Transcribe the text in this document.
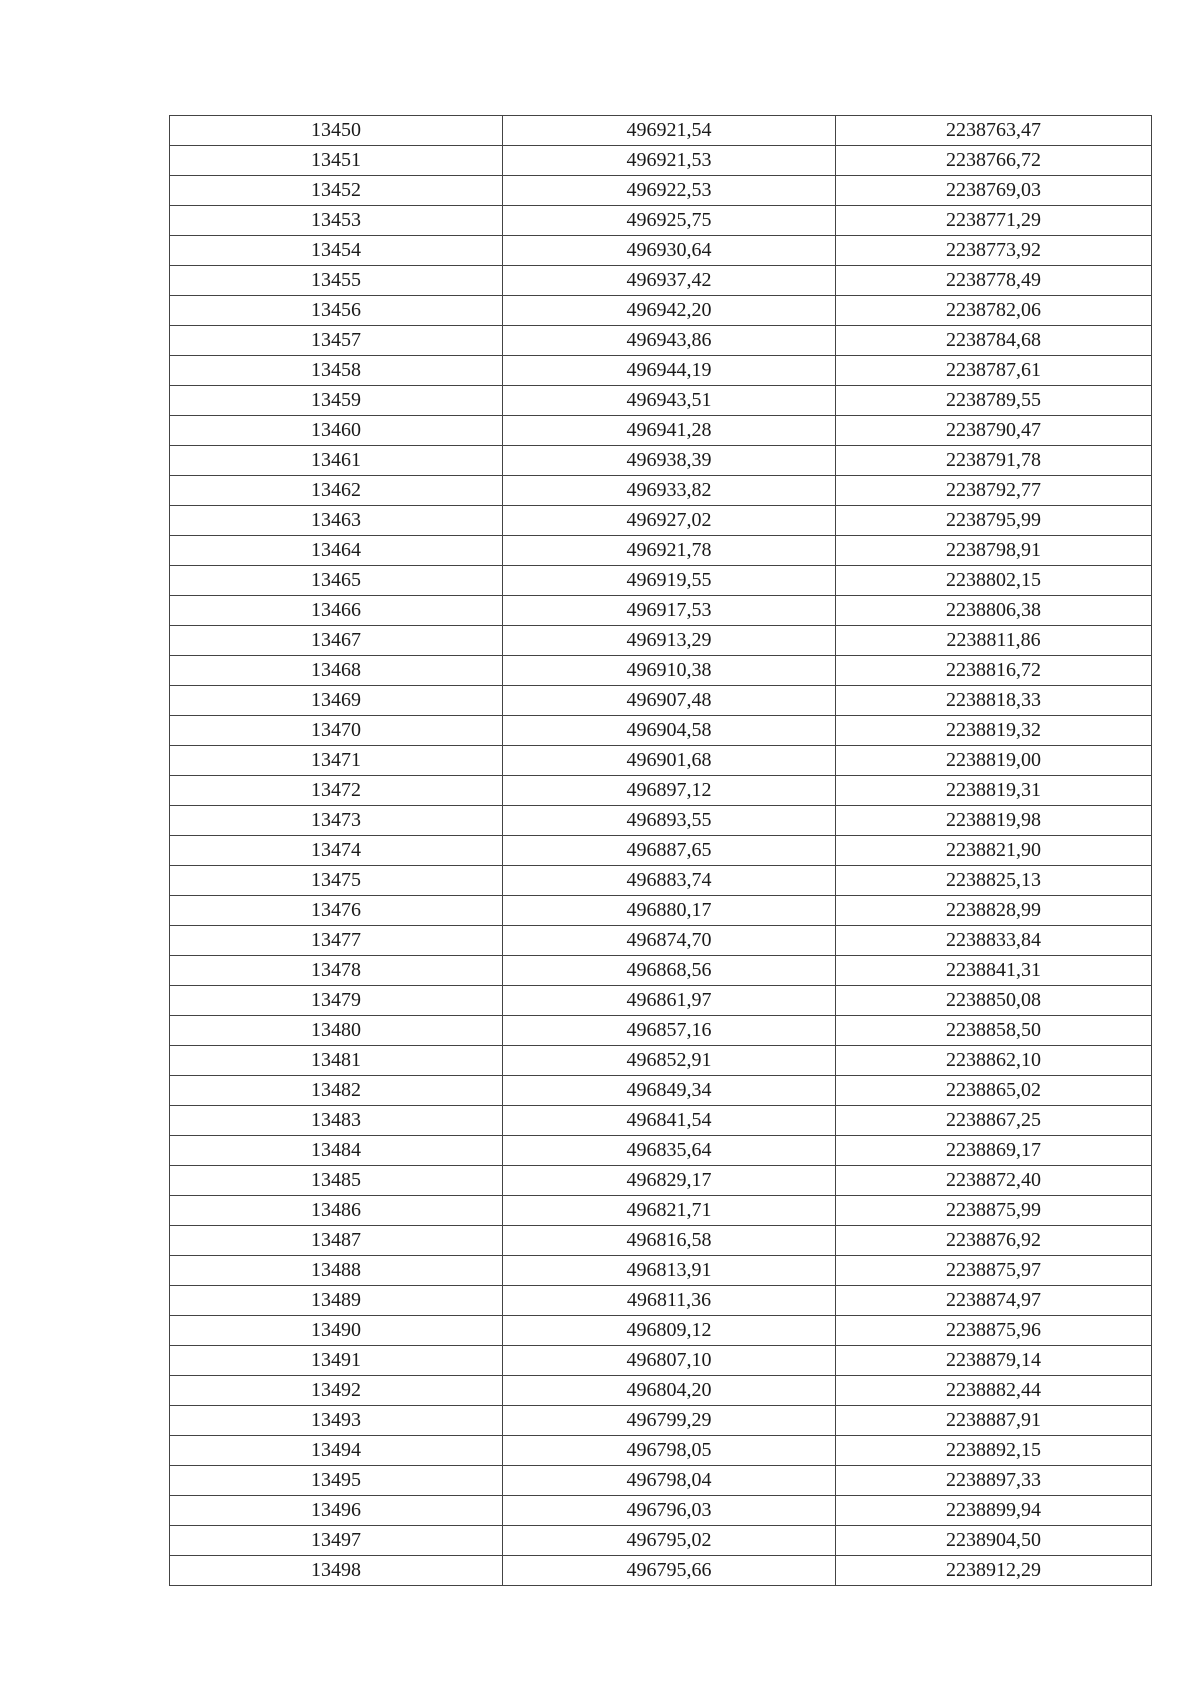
13450	496921,54	2238763,47
13451	496921,53	2238766,72
13452	496922,53	2238769,03
13453	496925,75	2238771,29
13454	496930,64	2238773,92
13455	496937,42	2238778,49
13456	496942,20	2238782,06
13457	496943,86	2238784,68
13458	496944,19	2238787,61
13459	496943,51	2238789,55
13460	496941,28	2238790,47
13461	496938,39	2238791,78
13462	496933,82	2238792,77
13463	496927,02	2238795,99
13464	496921,78	2238798,91
13465	496919,55	2238802,15
13466	496917,53	2238806,38
13467	496913,29	2238811,86
13468	496910,38	2238816,72
13469	496907,48	2238818,33
13470	496904,58	2238819,32
13471	496901,68	2238819,00
13472	496897,12	2238819,31
13473	496893,55	2238819,98
13474	496887,65	2238821,90
13475	496883,74	2238825,13
13476	496880,17	2238828,99
13477	496874,70	2238833,84
13478	496868,56	2238841,31
13479	496861,97	2238850,08
13480	496857,16	2238858,50
13481	496852,91	2238862,10
13482	496849,34	2238865,02
13483	496841,54	2238867,25
13484	496835,64	2238869,17
13485	496829,17	2238872,40
13486	496821,71	2238875,99
13487	496816,58	2238876,92
13488	496813,91	2238875,97
13489	496811,36	2238874,97
13490	496809,12	2238875,96
13491	496807,10	2238879,14
13492	496804,20	2238882,44
13493	496799,29	2238887,91
13494	496798,05	2238892,15
13495	496798,04	2238897,33
13496	496796,03	2238899,94
13497	496795,02	2238904,50
13498	496795,66	2238912,29
